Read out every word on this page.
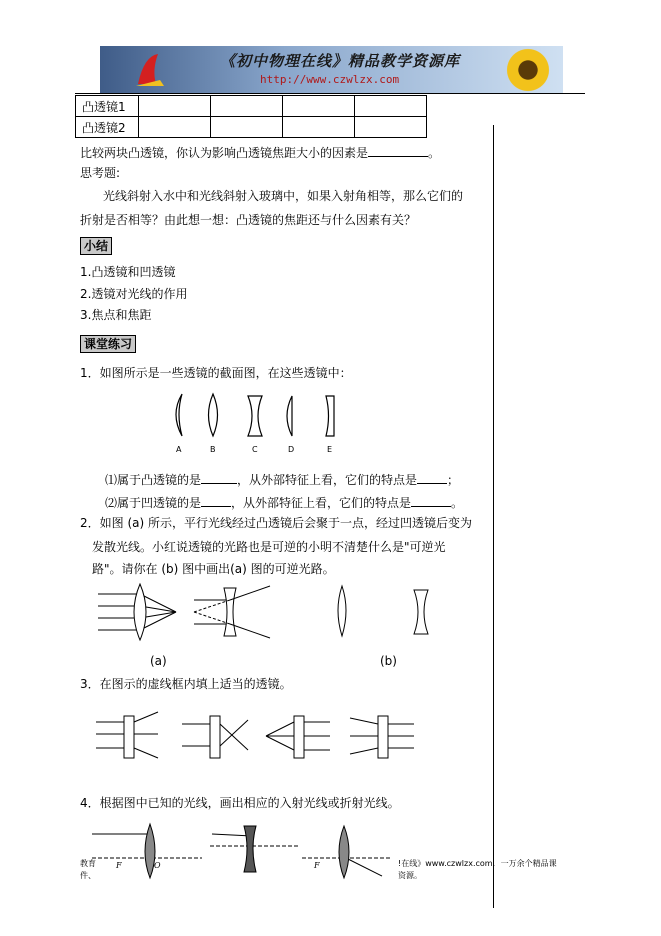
《初中物理在线》精品教学资源库
http://www.czwlzx.com
凸透镜1				
凸透镜2				
比较两块凸透镜，你认为影响凸透镜焦距大小的因素是	。
思考题:
光线斜射入水中和光线斜射入玻璃中，如果入射角相等，那么它们的
折射是否相等？由此想一想：凸透镜的焦距还与什么因素有关？
小结
1.凸透镜和凹透镜
2.透镜对光线的作用
3.焦点和焦距
课堂练习
1．如图所示是一些透镜的截面图，在这些透镜中：
A	B	C	D	E
⑴属于凸透镜的是	，从外部特征上看，它们的特点是	；
⑵属于凹透镜的是	，从外部特征上看，它们的特点是	。
2．如图 (a) 所示，平行光线经过凸透镜后会聚于一点，经过凹透镜后变为
发散光线。小红说透镜的光路也是可逆的小明不清楚什么是"可逆光
路"。请你在 (b) 图中画出(a) 图的可逆光路。
(a)	(b)
3．在图示的虚线框内填上适当的透镜。
4．根据图中已知的光线，画出相应的入射光线或折射光线。
F	O	F
教育
件、
!在线》www.czwlzx.com．一万余个精品课
资源。
